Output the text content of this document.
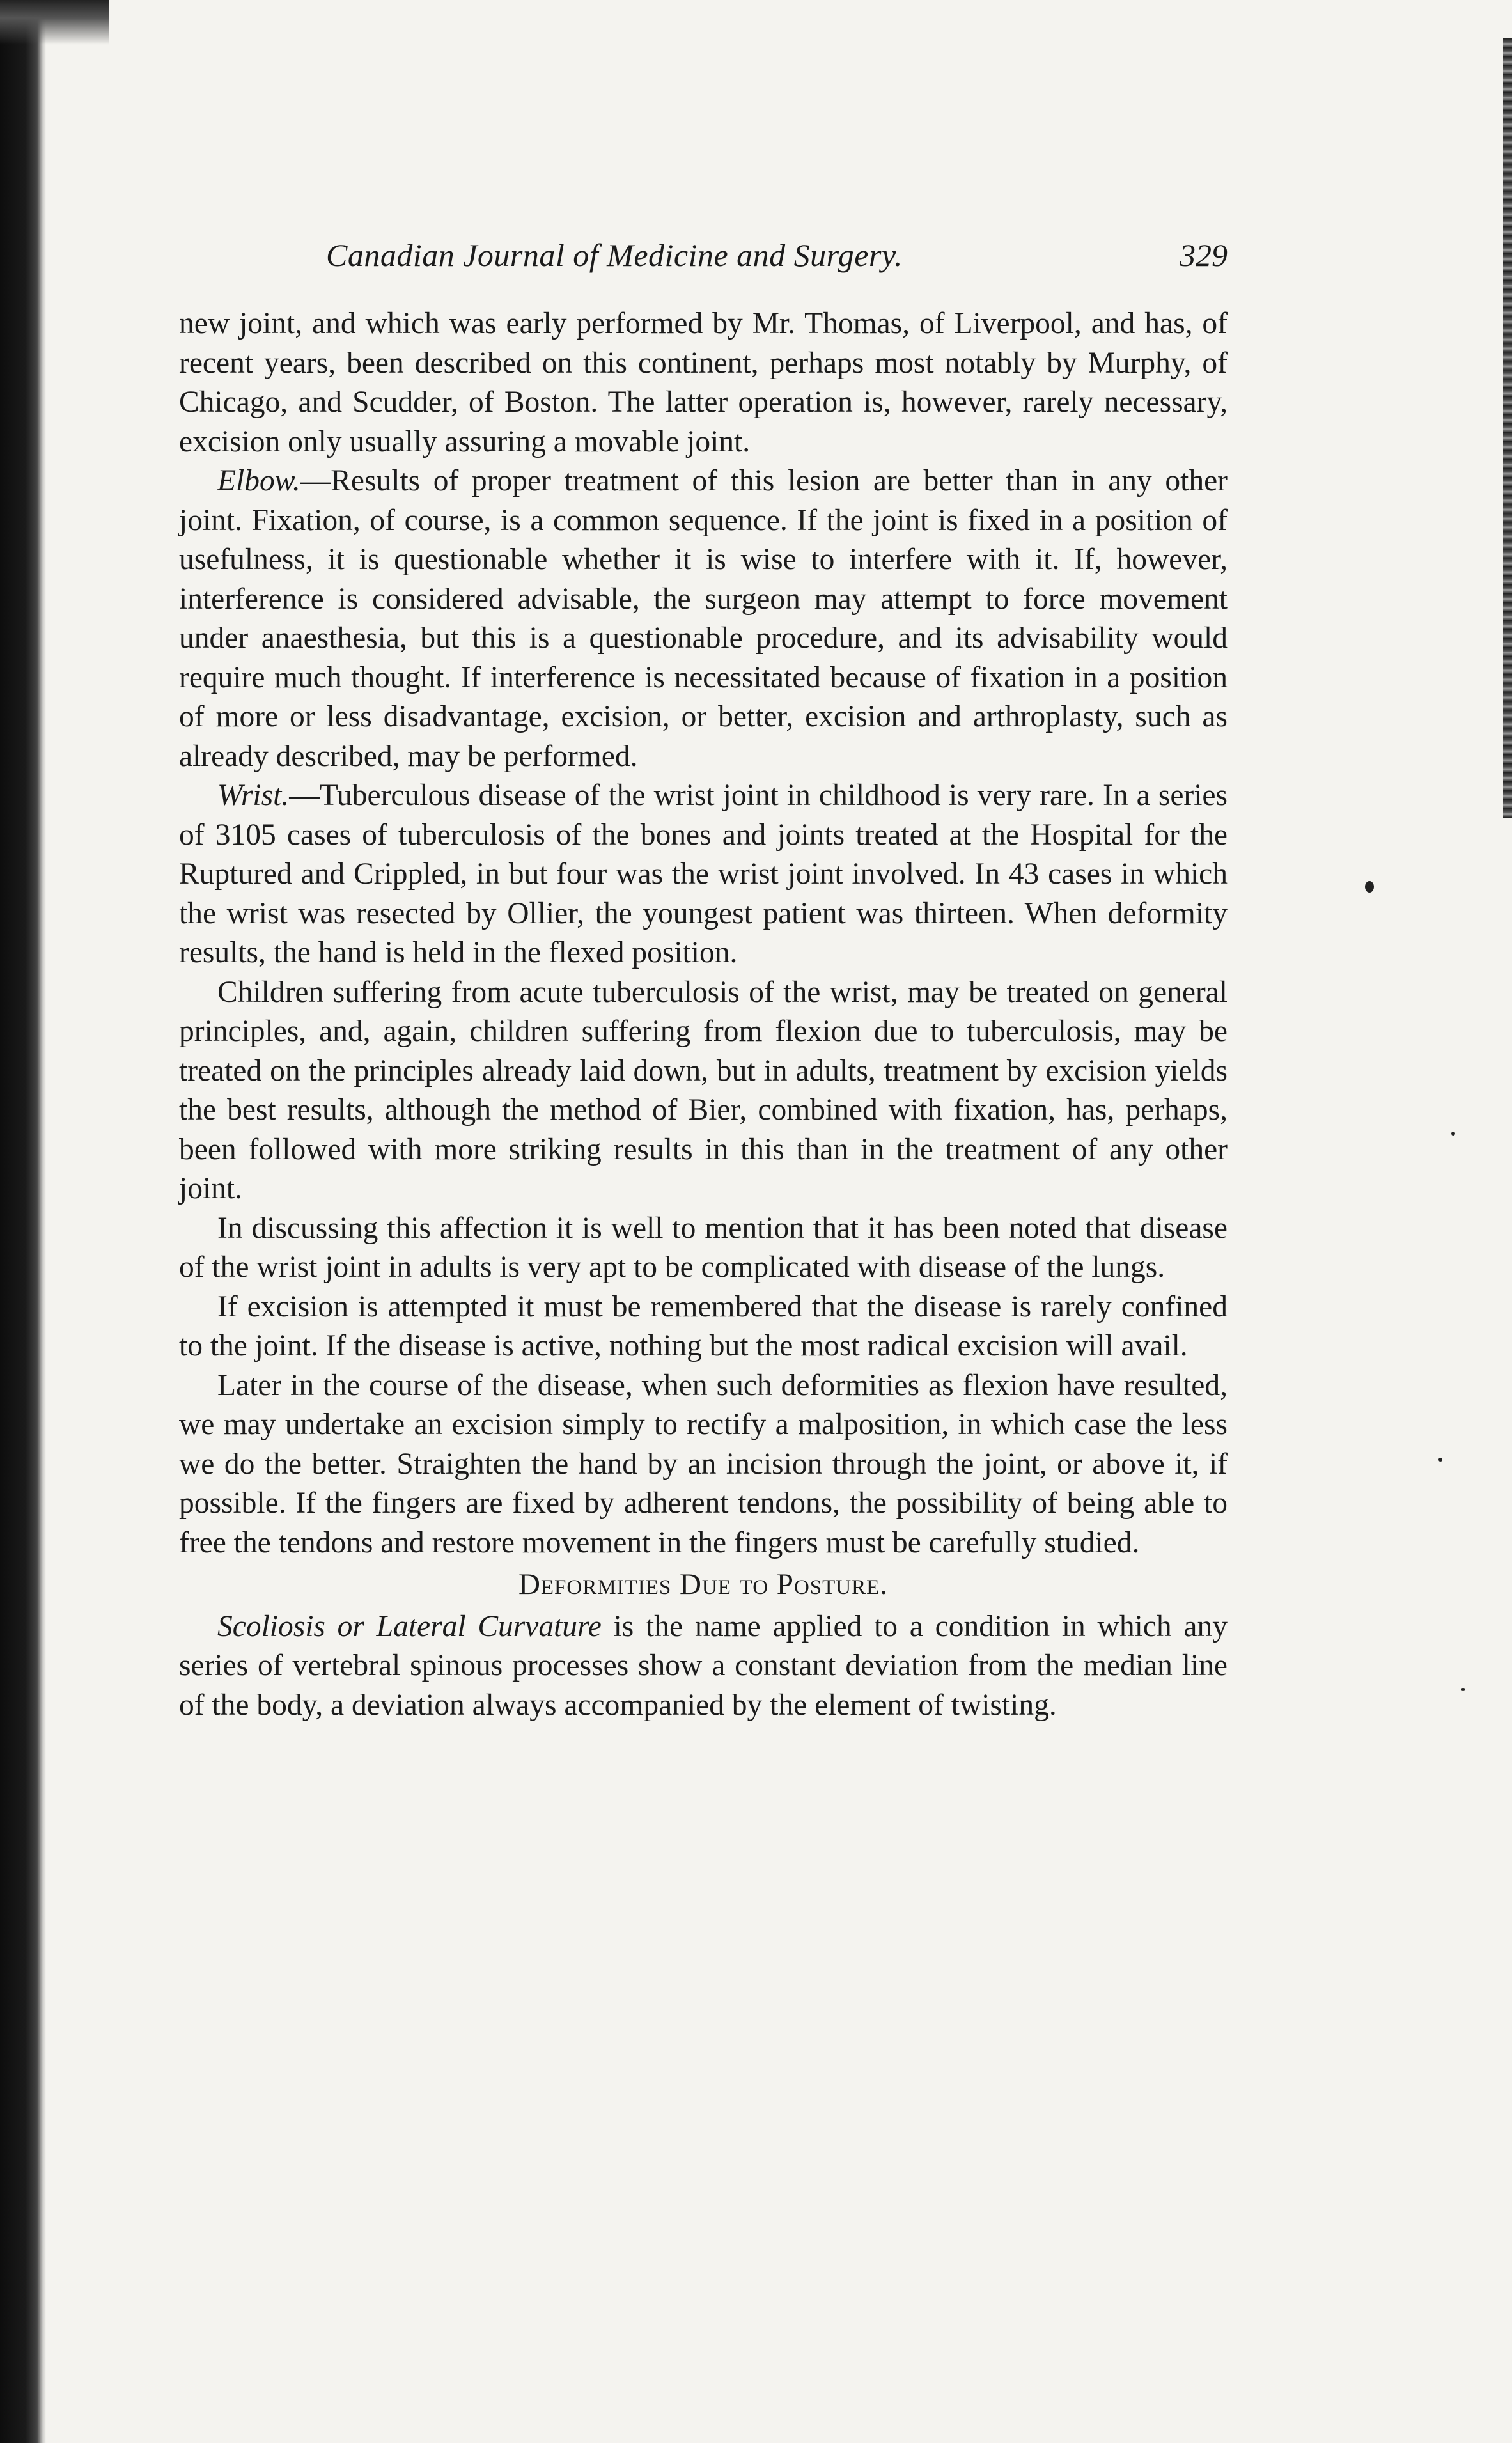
Canadian Journal of Medicine and Surgery.	329

new joint, and which was early performed by Mr. Thomas, of Liverpool, and has, of recent years, been described on this continent, perhaps most notably by Murphy, of Chicago, and Scudder, of Boston. The latter operation is, however, rarely necessary, excision only usually assuring a movable joint.

Elbow.—Results of proper treatment of this lesion are better than in any other joint. Fixation, of course, is a common sequence. If the joint is fixed in a position of usefulness, it is questionable whether it is wise to interfere with it. If, however, interference is considered advisable, the surgeon may attempt to force movement under anaesthesia, but this is a questionable procedure, and its advisability would require much thought. If interference is necessitated because of fixation in a position of more or less disadvantage, excision, or better, excision and arthroplasty, such as already described, may be performed.

Wrist.—Tuberculous disease of the wrist joint in childhood is very rare. In a series of 3105 cases of tuberculosis of the bones and joints treated at the Hospital for the Ruptured and Crippled, in but four was the wrist joint involved. In 43 cases in which the wrist was resected by Ollier, the youngest patient was thirteen. When deformity results, the hand is held in the flexed position.

Children suffering from acute tuberculosis of the wrist, may be treated on general principles, and, again, children suffering from flexion due to tuberculosis, may be treated on the principles already laid down, but in adults, treatment by excision yields the best results, although the method of Bier, combined with fixation, has, perhaps, been followed with more striking results in this than in the treatment of any other joint.

In discussing this affection it is well to mention that it has been noted that disease of the wrist joint in adults is very apt to be complicated with disease of the lungs.

If excision is attempted it must be remembered that the disease is rarely confined to the joint. If the disease is active, nothing but the most radical excision will avail.

Later in the course of the disease, when such deformities as flexion have resulted, we may undertake an excision simply to rectify a malposition, in which case the less we do the better. Straighten the hand by an incision through the joint, or above it, if possible. If the fingers are fixed by adherent tendons, the possibility of being able to free the tendons and restore movement in the fingers must be carefully studied.

Deformities Due to Posture.

Scoliosis or Lateral Curvature is the name applied to a condition in which any series of vertebral spinous processes show a constant deviation from the median line of the body, a deviation always accompanied by the element of twisting.
